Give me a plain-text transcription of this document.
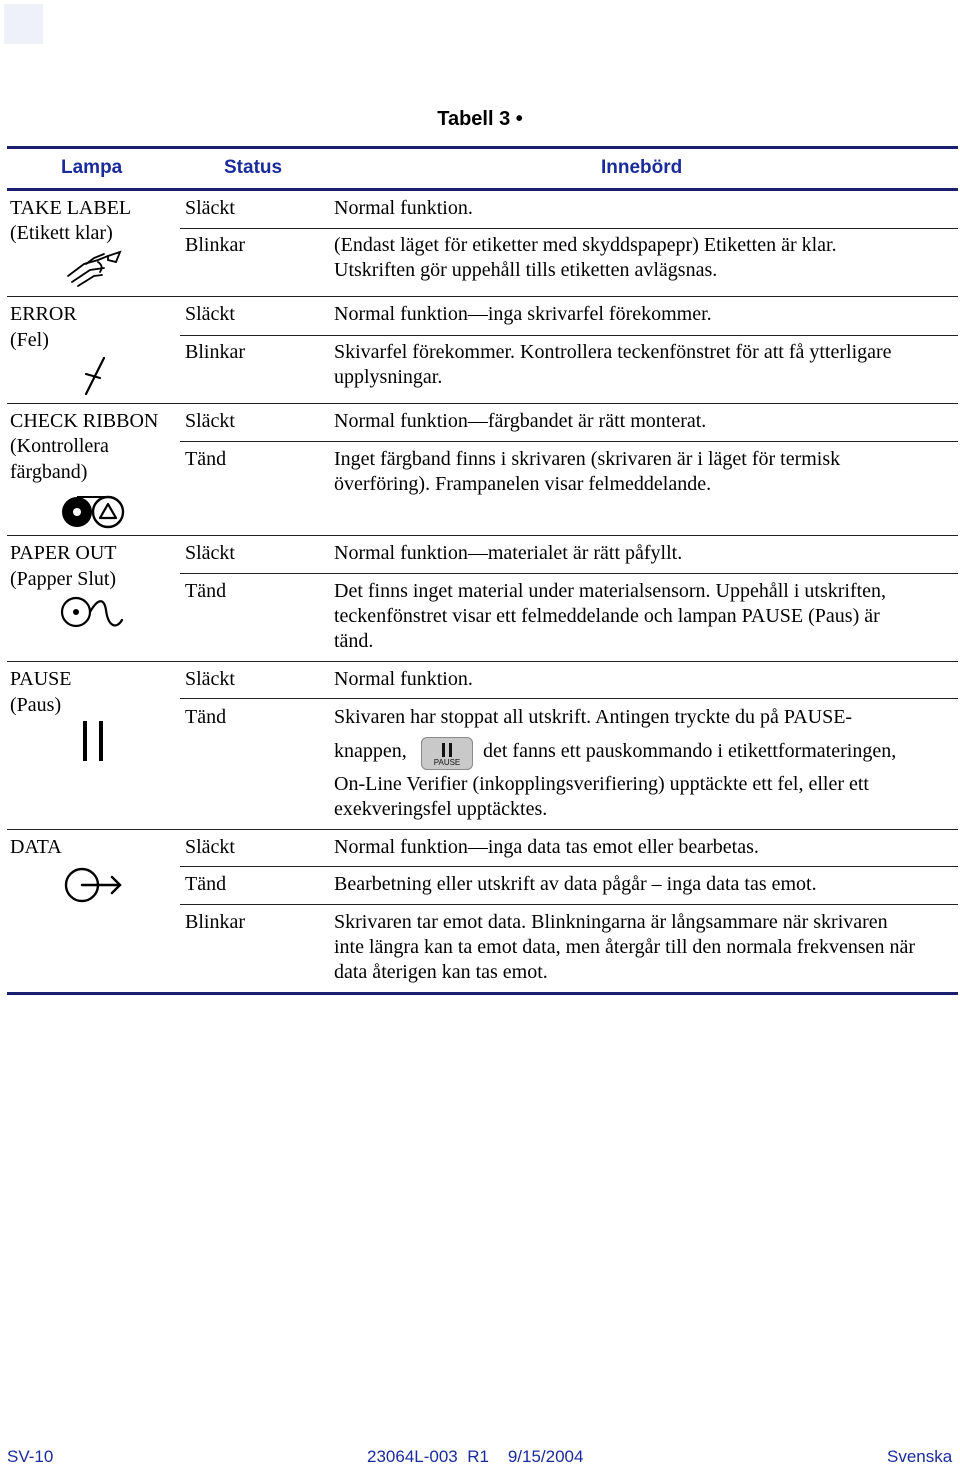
Tabell 3 •
Lampa	Status	Innebörd
TAKE LABEL
(Etikett klar)
Släckt	Normal funktion.
Blinkar	(Endast läget för etiketter med skyddspapepr) Etiketten är klar.
Utskriften gör uppehåll tills etiketten avlägsnas.
ERROR
(Fel)
Släckt	Normal funktion—inga skrivarfel förekommer.
Blinkar	Skivarfel förekommer. Kontrollera teckenfönstret för att få ytterligare
upplysningar.
CHECK RIBBON
(Kontrollera
färgband)
Släckt	Normal funktion—färgbandet är rätt monterat.
Tänd	Inget färgband finns i skrivaren (skrivaren är i läget för termisk
överföring). Frampanelen visar felmeddelande.
PAPER OUT
(Papper Slut)
Släckt	Normal funktion—materialet är rätt påfyllt.
Tänd	Det finns inget material under materialsensorn. Uppehåll i utskriften,
teckenfönstret visar ett felmeddelande och lampan PAUSE (Paus) är
tänd.
PAUSE
(Paus)
Släckt	Normal funktion.
Tänd	Skivaren har stoppat all utskrift. Antingen tryckte du på PAUSE-
knappen,
PAUSE
det fanns ett pauskommando i etikettformateringen,
On-Line Verifier (inkopplingsverifiering) upptäckte ett fel, eller ett
exekveringsfel upptäcktes.
DATA	Släckt	Normal funktion—inga data tas emot eller bearbetas.
Tänd	Bearbetning eller utskrift av data pågår – inga data tas emot.
Blinkar	Skrivaren tar emot data. Blinkningarna är långsammare när skrivaren
inte längra kan ta emot data, men återgår till den normala frekvensen när
data återigen kan tas emot.
SV-10	23064L-003  R1    9/15/2004	Svenska
